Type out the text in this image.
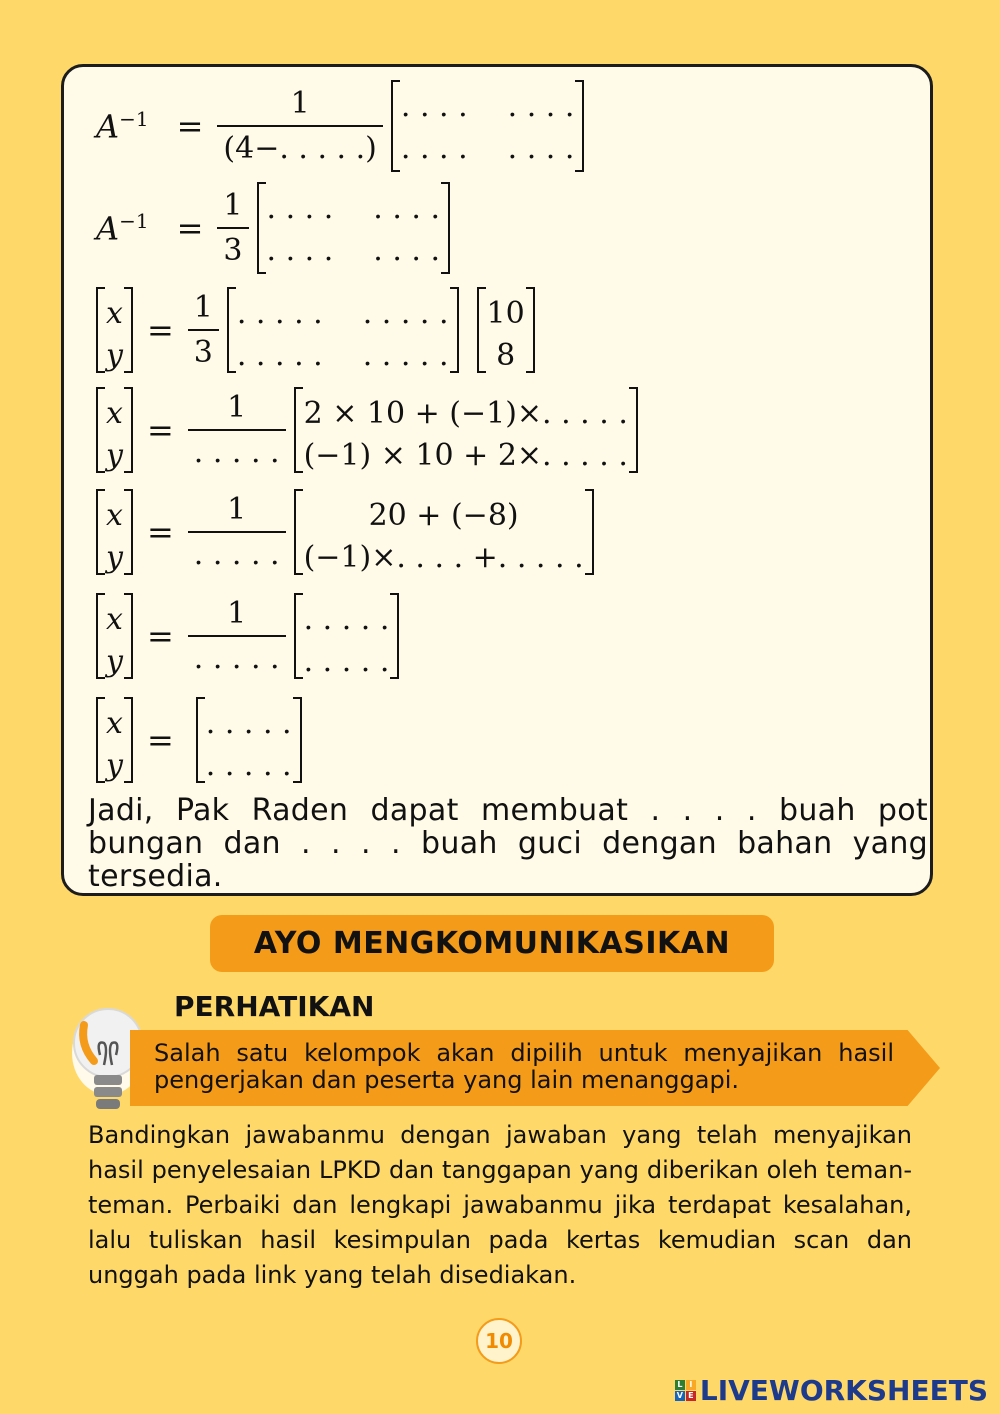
$A^{-1} = \frac{1}{(4-. . . . .)}$ . . . . . . . .
. . . . . . . .
$A^{-1} = \frac{1}{3}$ . . . . . . . .
. . . . . . . .
x
y
= $\frac{1}{3}$ . . . . . . . . . .
. . . . . . . . . .
10
8
x
y
= $\frac{1}{. . . . .} 2 \times 10 + (-1)\times$. . . . .
(−1) × 10 + 2×. . . . .
x
y
= $\frac{1}{. . . . .}$	20 + (−8)
(−1)×. . . . +. . . . .
x
y
= $\frac{1}{. . . . .}$ . . . . .
. . . . .
x
y
= . . . . .
. . . . .
Jadi, Pak Raden dapat membuat . . . . buah pot bungan dan . . . . buah guci dengan bahan yang tersedia.
AYO MENGKOMUNIKASIKAN
PERHATIKAN
Salah satu kelompok akan dipilih untuk menyajikan hasil pengerjakan dan peserta yang lain menanggapi.
Bandingkan jawabanmu dengan jawaban yang telah menyajikan hasil penyelesaian LPKD dan tanggapan yang diberikan oleh teman-teman. Perbaiki dan lengkapi jawabanmu jika terdapat kesalahan, lalu tuliskan hasil kesimpulan pada kertas kemudian scan dan unggah pada link yang telah disediakan.
10
L I
V E LIVEWORKSHEETS
